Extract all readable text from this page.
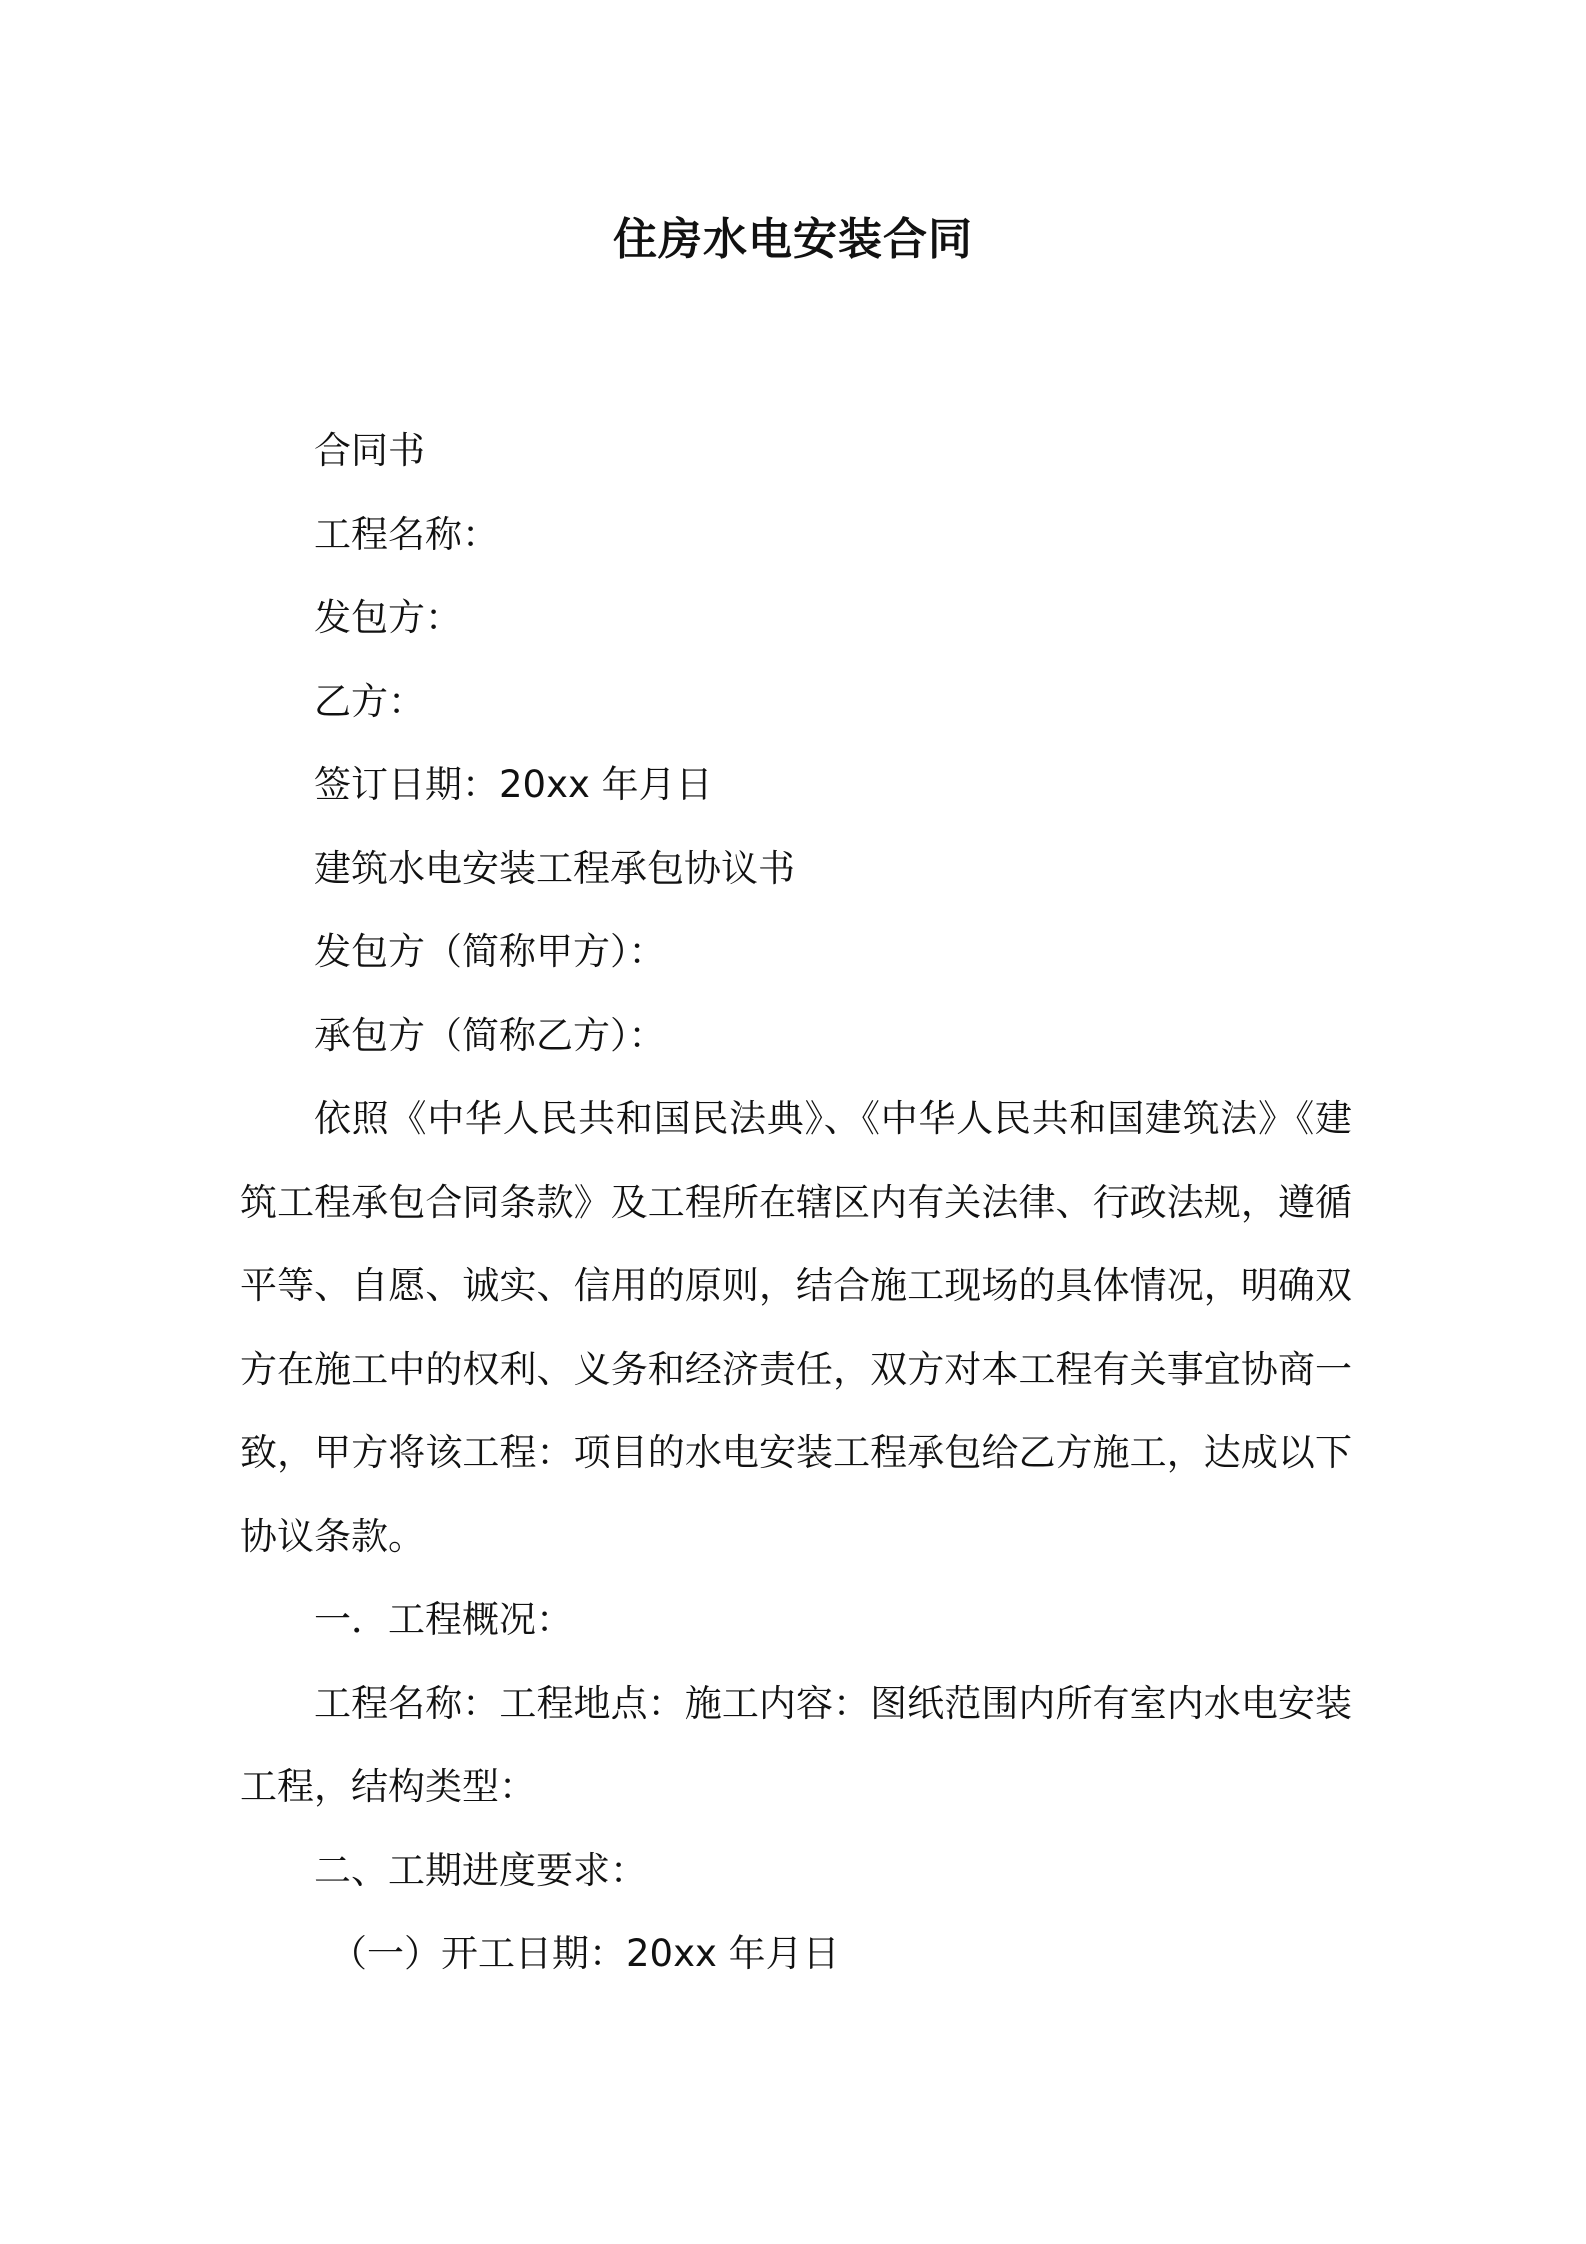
住房水电安装合同

合同书

工程名称：

发包方：

乙方：

签订日期：20xx 年月日

建筑水电安装工程承包协议书

发包方（简称甲方）：

承包方（简称乙方）：

依照《中华人民共和国民法典》、《中华人民共和国建筑法》《建筑工程承包合同条款》及工程所在辖区内有关法律、行政法规，遵循平等、自愿、诚实、信用的原则，结合施工现场的具体情况，明确双方在施工中的权利、义务和经济责任，双方对本工程有关事宜协商一致，甲方将该工程：项目的水电安装工程承包给乙方施工，达成以下协议条款。

一．工程概况：

工程名称：工程地点：施工内容：图纸范围内所有室内水电安装工程，结构类型：

二、工期进度要求：

（一）开工日期：20xx 年月日
